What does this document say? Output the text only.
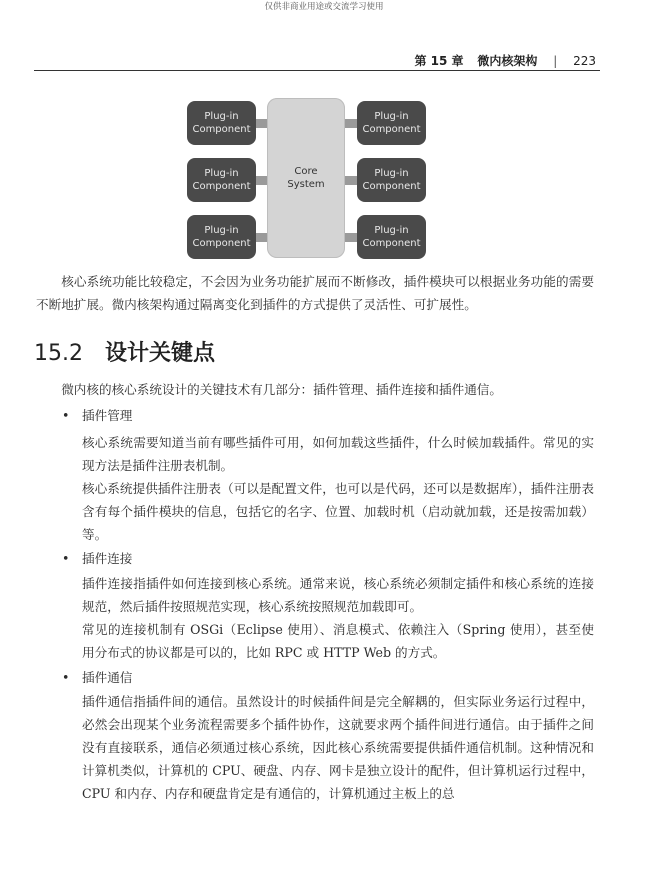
仅供非商业用途或交流学习使用
第 15 章 微内核架构 | 223
Core
System
Plug-in
Component
Plug-in
Component
Plug-in
Component
Plug-in
Component
Plug-in
Component
Plug-in
Component
核心系统功能比较稳定，不会因为业务功能扩展而不断修改，插件模块可以根据业务功能的需要不断地扩展。微内核架构通过隔离变化到插件的方式提供了灵活性、可扩展性。
15.2 设计关键点
微内核的核心系统设计的关键技术有几部分：插件管理、插件连接和插件通信。
• 插件管理
核心系统需要知道当前有哪些插件可用，如何加载这些插件，什么时候加载插件。常见的实现方法是插件注册表机制。
核心系统提供插件注册表（可以是配置文件，也可以是代码，还可以是数据库），插件注册表含有每个插件模块的信息，包括它的名字、位置、加载时机（启动就加载，还是按需加载）等。
• 插件连接
插件连接指插件如何连接到核心系统。通常来说，核心系统必须制定插件和核心系统的连接规范，然后插件按照规范实现，核心系统按照规范加载即可。
常见的连接机制有 OSGi（Eclipse 使用）、消息模式、依赖注入（Spring 使用），甚至使用分布式的协议都是可以的，比如 RPC 或 HTTP Web 的方式。
• 插件通信
插件通信指插件间的通信。虽然设计的时候插件间是完全解耦的，但实际业务运行过程中，必然会出现某个业务流程需要多个插件协作，这就要求两个插件间进行通信。由于插件之间没有直接联系，通信必须通过核心系统，因此核心系统需要提供插件通信机制。这种情况和计算机类似，计算机的 CPU、硬盘、内存、网卡是独立设计的配件，但计算机运行过程中，CPU 和内存、内存和硬盘肯定是有通信的，计算机通过主板上的总
